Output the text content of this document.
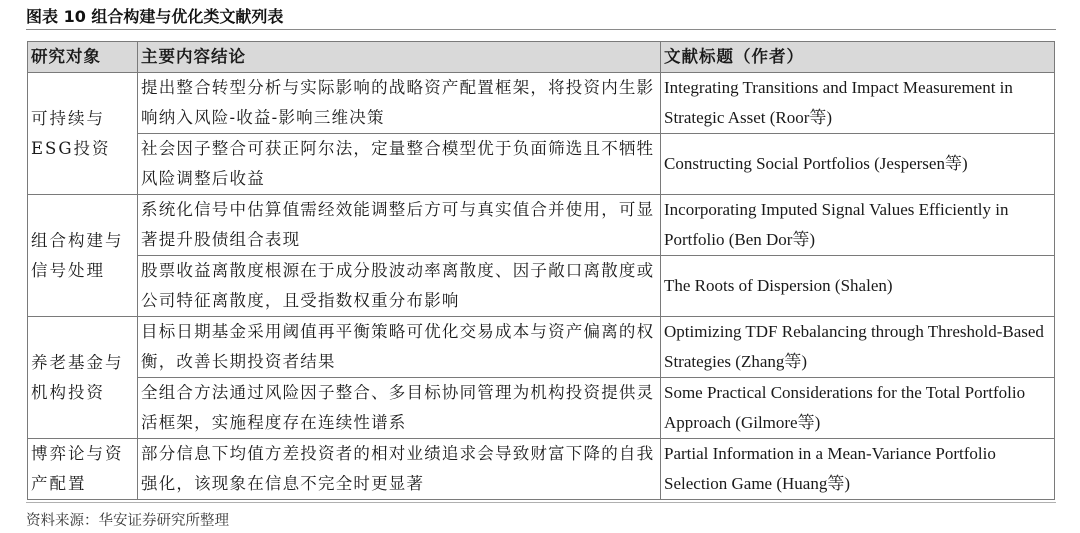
图表 10 组合构建与优化类文献列表
研究对象	主要内容结论	文献标题（作者）
可持续与ESG投资	提出整合转型分析与实际影响的战略资产配置框架，将投资内生影响纳入风险-收益-影响三维决策	Integrating Transitions and Impact Measurement in Strategic Asset (Roor等)
	社会因子整合可获正阿尔法，定量整合模型优于负面筛选且不牺牲风险调整后收益	Constructing Social Portfolios (Jespersen等)
组合构建与信号处理	系统化信号中估算值需经效能调整后方可与真实值合并使用，可显著提升股债组合表现	Incorporating Imputed Signal Values Efficiently in Portfolio (Ben Dor等)
	股票收益离散度根源在于成分股波动率离散度、因子敞口离散度或公司特征离散度，且受指数权重分布影响	The Roots of Dispersion (Shalen)
养老基金与机构投资	目标日期基金采用阈值再平衡策略可优化交易成本与资产偏离的权衡，改善长期投资者结果	Optimizing TDF Rebalancing through Threshold-Based Strategies (Zhang等)
	全组合方法通过风险因子整合、多目标协同管理为机构投资提供灵活框架，实施程度存在连续性谱系	Some Practical Considerations for the Total Portfolio Approach (Gilmore等)
博弈论与资产配置	部分信息下均值方差投资者的相对业绩追求会导致财富下降的自我强化，该现象在信息不完全时更显著	Partial Information in a Mean-Variance Portfolio Selection Game (Huang等)
资料来源：华安证券研究所整理
